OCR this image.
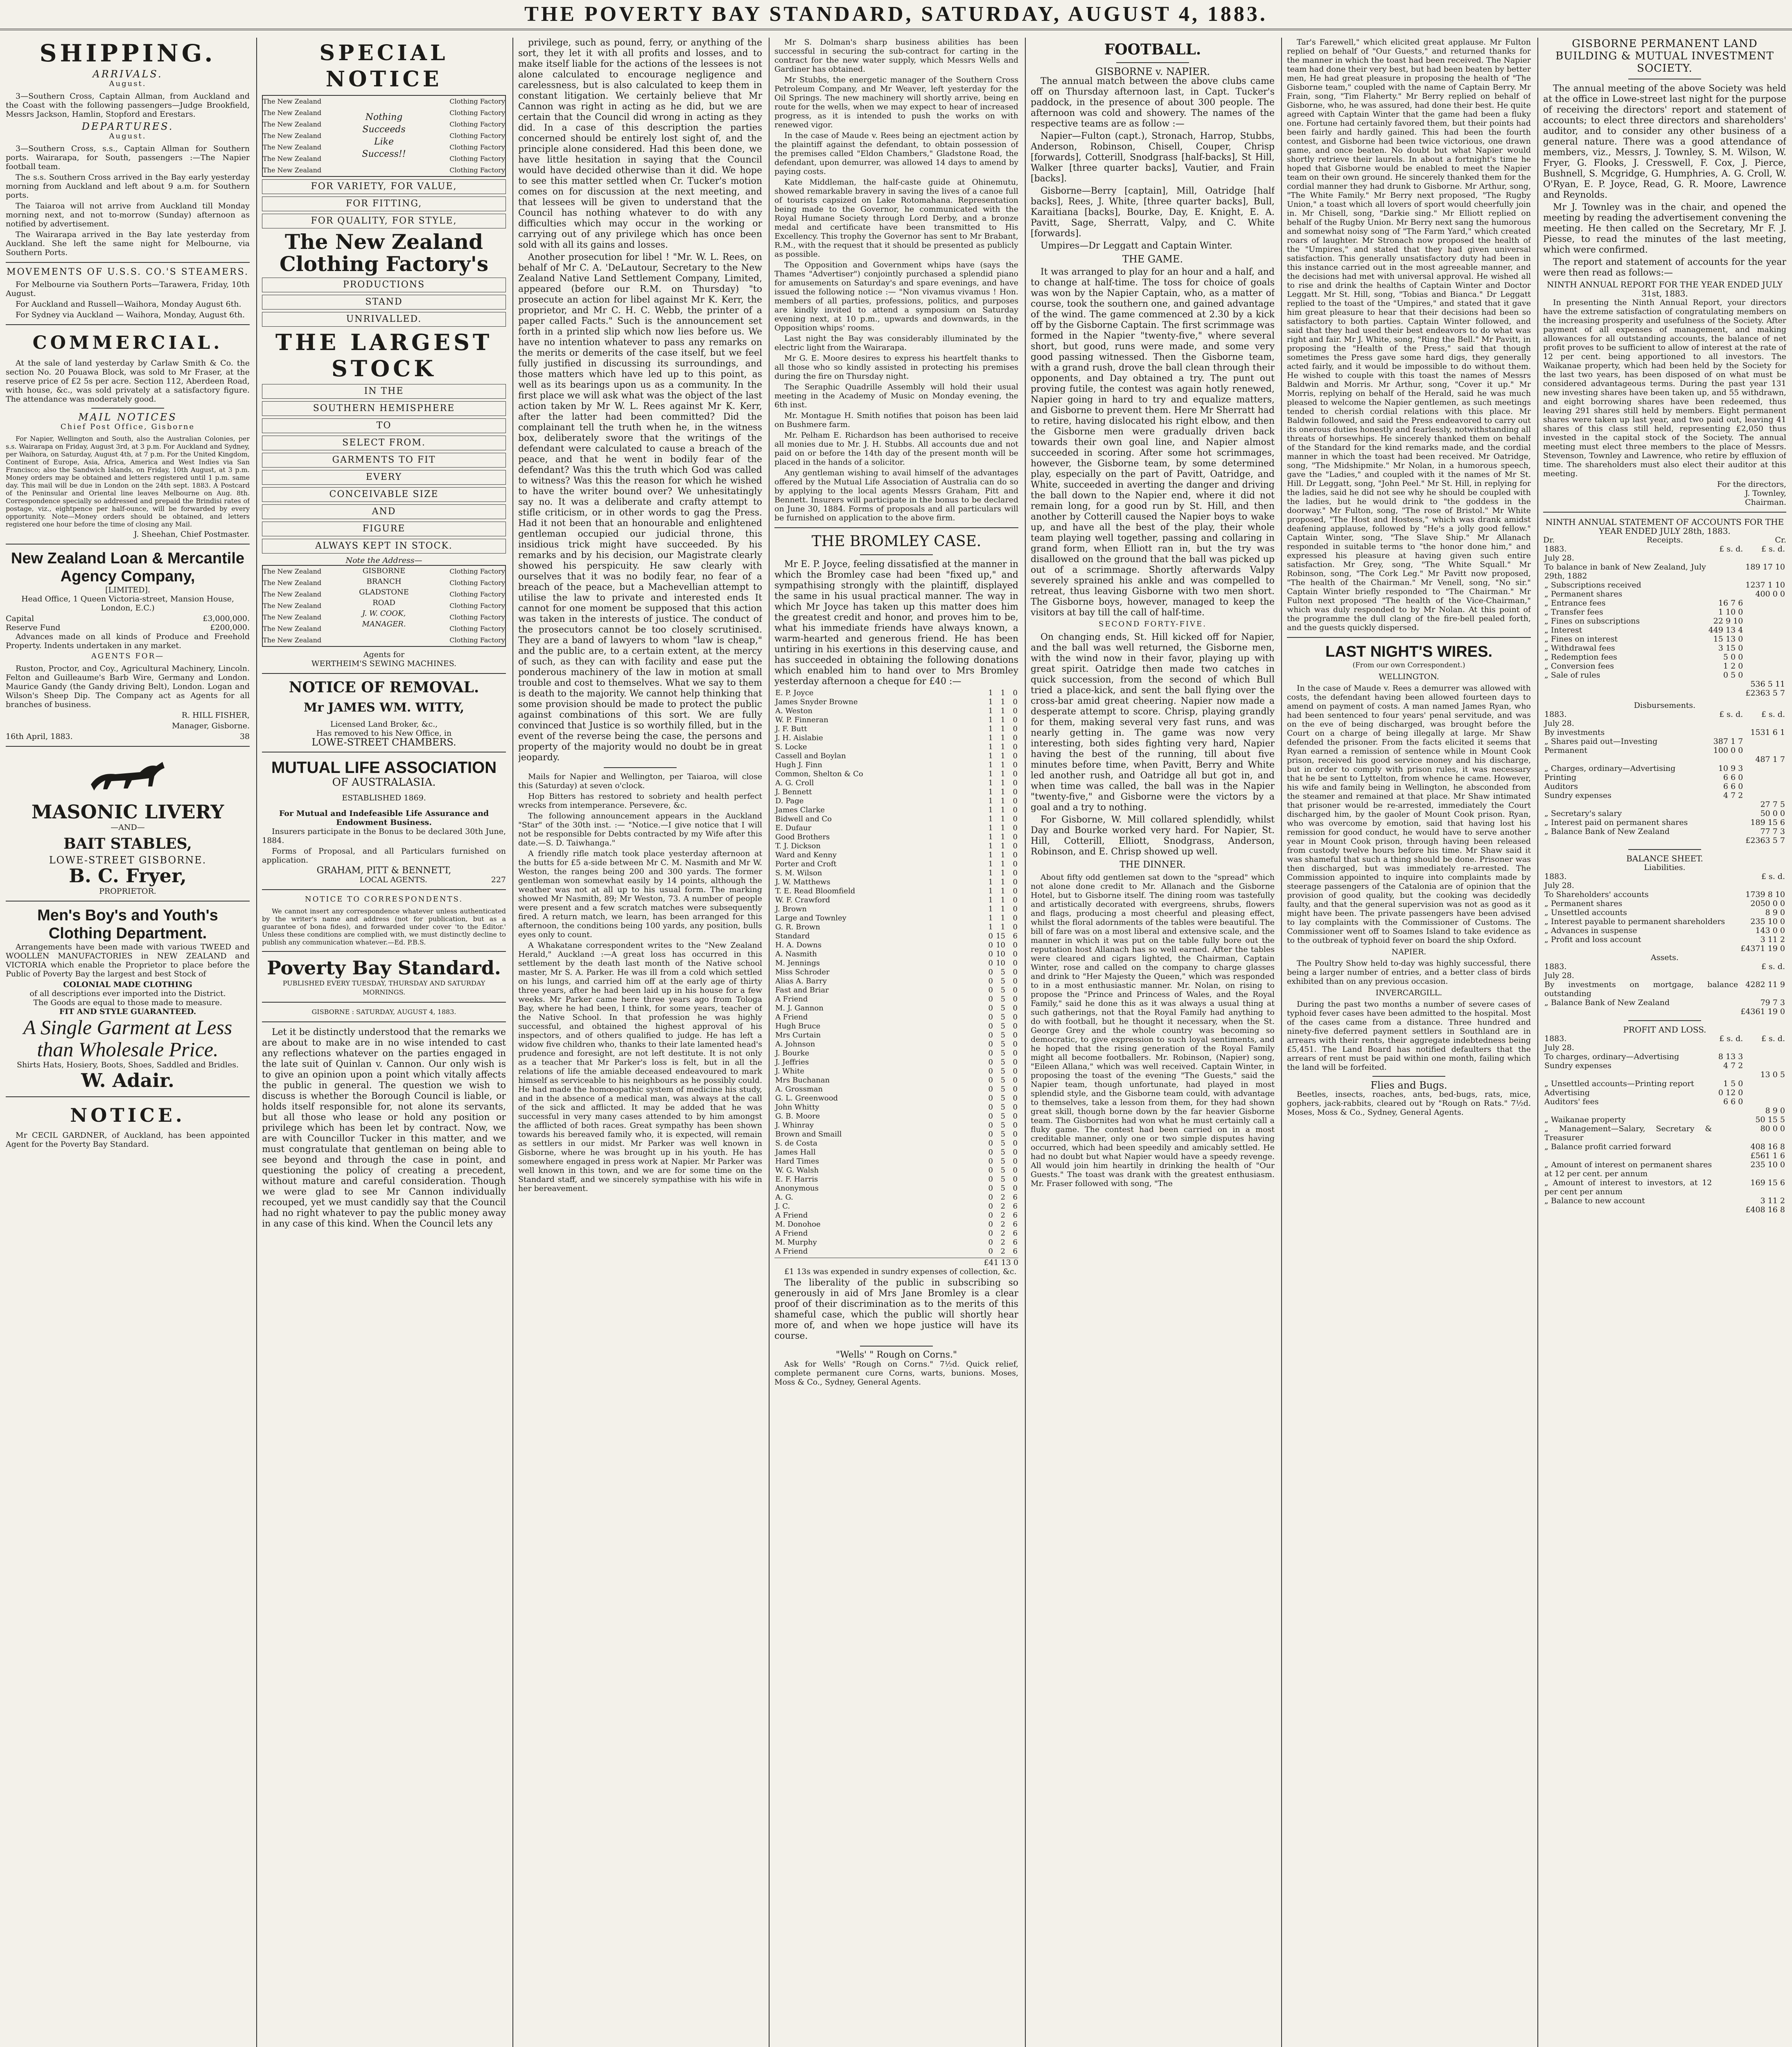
THE POVERTY BAY STANDARD, SATURDAY, AUGUST 4, 1883.
SHIPPING.
ARRIVALS.
August.

3—Southern Cross, Captain Allman, from Auckland and the Coast with the following passengers—Judge Brookfield, Messrs Jackson, Hamlin, Stopford and Erestars.

DEPARTURES.
August.

3—Southern Cross, s.s., Captain Allman for Southern ports. Wairarapa, for South, passengers :—The Napier football team.

The s.s. Southern Cross arrived in the Bay early yesterday morning from Auckland and left about 9 a.m. for Southern ports.

The Taiaroa will not arrive from Auckland till Monday morning next, and not to-morrow (Sunday) afternoon as notified by advertisement.

The Wairarapa arrived in the Bay late yesterday from Auckland. She left the same night for Melbourne, via Southern Ports.

MOVEMENTS OF U.S.S. CO.'S STEAMERS.

For Melbourne via Southern Ports—Tarawera, Friday, 10th August.

For Auckland and Russell—Waihora, Monday August 6th.

For Sydney via Auckland — Waihora, Monday, August 6th.

COMMERCIAL.

At the sale of land yesterday by Carlaw Smith & Co. the section No. 20 Pouawa Block, was sold to Mr Fraser, at the reserve price of £2 5s per acre. Section 112, Aberdeen Road, with house, &c., was sold privately at a satisfactory figure. The attendance was moderately good.

MAIL NOTICES
Chief Post Office, Gisborne

For Napier, Wellington and South, also the Australian Colonies, per s.s. Wairarapa on Friday, August 3rd, at 3 p.m. For Auckland and Sydney, per Waihora, on Saturday, August 4th, at 7 p.m. For the United Kingdom, Continent of Europe, Asia, Africa, America and West Indies via San Francisco; also the Sandwich Islands, on Friday, 10th August, at 3 p.m. Money orders may be obtained and letters registered until 1 p.m. same day. This mail will be due in London on the 24th sept. 1883. A Postcard of the Peninsular and Oriental line leaves Melbourne on Aug. 8th. Correspondence specially so addressed and prepaid the Brindisi rates of postage, viz., eightpence per half-ounce, will be forwarded by every opportunity. Note—Money orders should be obtained, and letters registered one hour before the time of closing any Mail.

J. Sheehan, Chief Postmaster.

New Zealand Loan & Mercantile Agency Company,
[LIMITED].

Head Office, 1 Queen Victoria-street, Mansion House, London, E.C.)

Capital	£3,000,000.
Reserve Fund	£200,000.

Advances made on all kinds of Produce and Freehold Property. Indents undertaken in any market.

AGENTS FOR—

Ruston, Proctor, and Coy., Agricultural Machinery, Lincoln. Felton and Guilleaume's Barb Wire, Germany and London. Maurice Gandy (the Gandy driving Belt), London. Logan and Wilson's Sheep Dip. The Company act as Agents for all branches of business.

R. HILL FISHER,

Manager, Gisborne.

16th April, 1883.	38
MASONIC LIVERY
—AND—
BAIT STABLES,
LOWE-STREET GISBORNE.
B. C. Fryer,
PROPRIETOR.
Men's Boy's and Youth's Clothing Department.

Arrangements have been made with various TWEED and WOOLLEN MANUFACTORIES in NEW ZEALAND and VICTORIA which enable the Proprietor to place before the Public of Poverty Bay the largest and best Stock of

COLONIAL MADE CLOTHING
of all descriptions ever imported into the District.
The Goods are equal to those made to measure.
FIT AND STYLE GUARANTEED.
A Single Garment at Less than Wholesale Price.
Shirts Hats, Hosiery, Boots, Shoes, Saddled and Bridles.
W. Adair.
NOTICE.

Mr CECIL GARDNER, of Auckland, has been appointed Agent for the Poverty Bay Standard.

SPECIAL NOTICE
The New Zealand
The New Zealand
The New Zealand
The New Zealand
The New Zealand
The New Zealand
The New Zealand
Nothing Succeeds Like Success!!
Clothing Factory
Clothing Factory
Clothing Factory
Clothing Factory
Clothing Factory
Clothing Factory
Clothing Factory
FOR VARIETY, FOR VALUE,
FOR FITTING,
FOR QUALITY, FOR STYLE,
The New Zealand Clothing Factory's
PRODUCTIONS
STAND
UNRIVALLED.
THE LARGEST STOCK
IN THE
SOUTHERN HEMISPHERE
TO
SELECT FROM.
GARMENTS TO FIT
EVERY
CONCEIVABLE SIZE
AND
FIGURE
ALWAYS KEPT IN STOCK.
Note the Address—
The New Zealand
The New Zealand
The New Zealand
The New Zealand
The New Zealand
The New Zealand
The New Zealand
GISBORNE BRANCH
GLADSTONE ROAD
J. W. COOK, MANAGER.
Clothing Factory
Clothing Factory
Clothing Factory
Clothing Factory
Clothing Factory
Clothing Factory
Clothing Factory
Agents for
WERTHEIM'S SEWING MACHINES.
NOTICE OF REMOVAL.
Mr JAMES WM. WITTY,
Licensed Land Broker, &c.,
Has removed to his New Office, in
LOWE-STREET CHAMBERS.
MUTUAL LIFE ASSOCIATION
OF AUSTRALASIA.
ESTABLISHED 1869.
For Mutual and Indefeasible Life Assurance and Endowment Business.

Insurers participate in the Bonus to be declared 30th June, 1884.

Forms of Proposal, and all Particulars furnished on application.

GRAHAM, PITT & BENNETT,
LOCAL AGENTS.	227
NOTICE TO CORRESPONDENTS.

We cannot insert any correspondence whatever unless authenticated by the writer's name and address (not for publication, but as a guarantee of bona fides), and forwarded under cover 'to the Editor.' Unless these conditions are complied with, we must distinctly decline to publish any communication whatever.—Ed. P.B.S.

Poverty Bay Standard.
PUBLISHED EVERY TUESDAY, THURSDAY AND SATURDAY MORNINGS.
GISBORNE : SATURDAY, AUGUST 4, 1883.

Let it be distinctly understood that the remarks we are about to make are in no wise intended to cast any reflections whatever on the parties engaged in the late suit of Quinlan v. Cannon. Our only wish is to give an opinion upon a point which vitally affects the public in general. The question we wish to discuss is whether the Borough Council is liable, or holds itself responsible for, not alone its servants, but all those who lease or hold any position or privilege which has been let by contract. Now, we are with Councillor Tucker in this matter, and we must congratulate that gentleman on being able to see beyond and through the case in point, and questioning the policy of creating a precedent, without mature and careful consideration. Though we were glad to see Mr Cannon individually recouped, yet we must candidly say that the Council had no right whatever to pay the public money away in any case of this kind. When the Council lets any

privilege, such as pound, ferry, or anything of the sort, they let it with all profits and losses, and to make itself liable for the actions of the lessees is not alone calculated to encourage negligence and carelessness, but is also calculated to keep them in constant litigation. We certainly believe that Mr Cannon was right in acting as he did, but we are certain that the Council did wrong in acting as they did. In a case of this description the parties concerned should be entirely lost sight of, and the principle alone considered. Had this been done, we have little hesitation in saying that the Council would have decided otherwise than it did. We hope to see this matter settled when Cr. Tucker's motion comes on for discussion at the next meeting, and that lessees will be given to understand that the Council has nothing whatever to do with any difficulties which may occur in the working or carrying out of any privilege which has once been sold with all its gains and losses.

Another prosecution for libel ! "Mr. W. L. Rees, on behalf of Mr C. A. 'DeLautour, Secretary to the New Zealand Native Land Settlement Company, Limited, appeared (before our R.M. on Thursday) "to prosecute an action for libel against Mr K. Kerr, the proprietor, and Mr C. H. C. Webb, the printer of a paper called Facts." Such is the announcement set forth in a printed slip which now lies before us. We have no intention whatever to pass any remarks on the merits or demerits of the case itself, but we feel fully justified in discussing its surroundings, and those matters which have led up to this point, as well as its bearings upon us as a community. In the first place we will ask what was the object of the last action taken by Mr W. L. Rees against Mr K. Kerr, after the latter had been committed? Did the complainant tell the truth when he, in the witness box, deliberately swore that the writings of the defendant were calculated to cause a breach of the peace, and that he went in bodily fear of the defendant? Was this the truth which God was called to witness? Was this the reason for which he wished to have the writer bound over? We unhesitatingly say no. It was a deliberate and crafty attempt to stifle criticism, or in other words to gag the Press. Had it not been that an honourable and enlightened gentleman occupied our judicial throne, this insidious trick might have succeeded. By his remarks and by his decision, our Magistrate clearly showed his perspicuity. He saw clearly with ourselves that it was no bodily fear, no fear of a breach of the peace, but a Machevellian attempt to utilise the law to private and interested ends It cannot for one moment be supposed that this action was taken in the interests of justice. The conduct of the prosecutors cannot be too closely scrutinised. They are a band of lawyers to whom "law is cheap," and the public are, to a certain extent, at the mercy of such, as they can with facility and ease put the ponderous machinery of the law in motion at small trouble and cost to themselves. What we say to them is death to the majority. We cannot help thinking that some provision should be made to protect the public against combinations of this sort. We are fully convinced that Justice is so worthily filled, but in the event of the reverse being the case, the persons and property of the majority would no doubt be in great jeopardy.

Mails for Napier and Wellington, per Taiaroa, will close this (Saturday) at seven o'clock.

Hop Bitters has restored to sobriety and health perfect wrecks from intemperance. Persevere, &c.

The following announcement appears in the Auckland "Star" of the 30th inst. :— "Notice.—I give notice that I will not be responsible for Debts contracted by my Wife after this date.—S. D. Taiwhanga."

A friendly rifle match took place yesterday afternoon at the butts for £5 a-side between Mr C. M. Nasmith and Mr W. Weston, the ranges being 200 and 300 yards. The former gentleman won somewhat easily by 14 points, although the weather was not at all up to his usual form. The marking showed Mr Nasmith, 89; Mr Weston, 73. A number of people were present and a few scratch matches were subsequently fired. A return match, we learn, has been arranged for this afternoon, the conditions being 100 yards, any position, bulls eyes only to count.

A Whakatane correspondent writes to the "New Zealand Herald," Auckland :—A great loss has occurred in this settlement by the death last month of the Native school master, Mr S. A. Parker. He was ill from a cold which settled on his lungs, and carried him off at the early age of thirty three years, after he had been laid up in his house for a few weeks. Mr Parker came here three years ago from Tologa Bay, where he had been, I think, for some years, teacher of the Native School. In that profession he was highly successful, and obtained the highest approval of his inspectors, and of others qualified to judge. He has left a widow five children who, thanks to their late lamented head's prudence and foresight, are not left destitute. It is not only as a teacher that Mr Parker's loss is felt, but in all the relations of life the amiable deceased endeavoured to mark himself as serviceable to his neighbours as he possibly could. He had made the homœopathic system of medicine his study, and in the absence of a medical man, was always at the call of the sick and afflicted. It may be added that he was successful in very many cases attended to by him amongst the afflicted of both races. Great sympathy has been shown towards his bereaved family who, it is expected, will remain as settlers in our midst. Mr Parker was well known in Gisborne, where he was brought up in his youth. He has somewhere engaged in press work at Napier. Mr Parker was well known in this town, and we are for some time on the Standard staff, and we sincerely sympathise with his wife in her bereavement.

Mr S. Dolman's sharp business abilities has been successful in securing the sub-contract for carting in the contract for the new water supply, which Messrs Wells and Gardiner has obtained.

Mr Stubbs, the energetic manager of the Southern Cross Petroleum Company, and Mr Weaver, left yesterday for the Oil Springs. The new machinery will shortly arrive, being en route for the wells, when we may expect to hear of increased progress, as it is intended to push the works on with renewed vigor.

In the case of Maude v. Rees being an ejectment action by the plaintiff against the defendant, to obtain possession of the premises called "Eldon Chambers," Gladstone Road, the defendant, upon demurrer, was allowed 14 days to amend by paying costs.

Kate Middleman, the half-caste guide at Ohinemutu, showed remarkable bravery in saving the lives of a canoe full of tourists capsized on Lake Rotomahana. Representation being made to the Governor, he communicated with the Royal Humane Society through Lord Derby, and a bronze medal and certificate have been transmitted to His Excellency. This trophy the Governor has sent to Mr Brabant, R.M., with the request that it should be presented as publicly as possible.

The Opposition and Government whips have (says the Thames "Advertiser") conjointly purchased a splendid piano for amusements on Saturday's and spare evenings, and have issued the following notice :— "Non vivamus vivamus ! Hon. members of all parties, professions, politics, and purposes are kindly invited to attend a symposium on Saturday evening next, at 10 p.m., upwards and downwards, in the Opposition whips' rooms.

Last night the Bay was considerably illuminated by the electric light from the Wairarapa.

Mr G. E. Moore desires to express his heartfelt thanks to all those who so kindly assisted in protecting his premises during the fire on Thursday night.

The Seraphic Quadrille Assembly will hold their usual meeting in the Academy of Music on Monday evening, the 6th inst.

Mr. Montague H. Smith notifies that poison has been laid on Bushmere farm.

Mr. Pelham E. Richardson has been authorised to receive all monies due to Mr. J. H. Stubbs. All accounts due and not paid on or before the 14th day of the present month will be placed in the hands of a solicitor.

Any gentleman wishing to avail himself of the advantages offered by the Mutual Life Association of Australia can do so by applying to the local agents Messrs Graham, Pitt and Bennett. Insurers will participate in the bonus to be declared on June 30, 1884. Forms of proposals and all particulars will be furnished on application to the above firm.

THE BROMLEY CASE.

Mr E. P. Joyce, feeling dissatisfied at the manner in which the Bromley case had been "fixed up," and sympathising strongly with the plaintiff, displayed the same in his usual practical manner. The way in which Mr Joyce has taken up this matter does him the greatest credit and honor, and proves him to be, what his immediate friends have always known, a warm-hearted and generous friend. He has been untiring in his exertions in this deserving cause, and has succeeded in obtaining the following donations which enabled him to hand over to Mrs Bromley yesterday afternoon a cheque for £40 :—

E. P. Joyce	1	1	0
James Snyder Browne	1	1	0
A. Weston	1	1	0
W. P. Finneran	1	1	0
J. F. Butt	1	1	0
J. H. Aislabie	1	1	0
S. Locke	1	1	0
Cassell and Boylan	1	1	0
Hugh J. Finn	1	1	0
Common, Shelton & Co	1	1	0
A. G. Croll	1	1	0
J. Bennett	1	1	0
D. Page	1	1	0
James Clarke	1	1	0
Bidwell and Co	1	1	0
E. Dufaur	1	1	0
Good Brothers	1	1	0
T. J. Dickson	1	1	0
Ward and Kenny	1	1	0
Porter and Croft	1	1	0
S. M. Wilson	1	1	0
J. W. Matthews	1	1	0
T. E. Read Bloomfield	1	1	0
W. F. Crawford	1	1	0
J. Brown	1	1	0
Large and Townley	1	1	0
G. R. Brown	1	1	0
Standard	0	15	6
H. A. Downs	0	10	0
A. Nasmith	0	10	0
M. Jennings	0	10	0
Miss Schroder	0	5	0
Alias A. Barry	0	5	0
Fast and Briar	0	5	0
A Friend	0	5	0
M. J. Gannon	0	5	0
A Friend	0	5	0
Hugh Bruce	0	5	0
Mrs Curtain	0	5	0
A. Johnson	0	5	0
J. Bourke	0	5	0
J. Jeffries	0	5	0
J. White	0	5	0
Mrs Buchanan	0	5	0
A. Grossman	0	5	0
G. L. Greenwood	0	5	0
John Whitty	0	5	0
G. B. Moore	0	5	0
J. Whinray	0	5	0
Brown and Smaill	0	5	0
S. de Costa	0	5	0
James Hall	0	5	0
Hard Times	0	5	0
W. G. Walsh	0	5	0
E. F. Harris	0	5	0
Anonymous	0	5	0
A. G.	0	2	6
J. C.	0	2	6
A Friend	0	2	6
M. Donohoe	0	2	6
A Friend	0	2	6
M. Murphy	0	2	6
A Friend	0	2	6
£41 13 0

£1 13s was expended in sundry expenses of collection, &c.

The liberality of the public in subscribing so generously in aid of Mrs Jane Bromley is a clear proof of their discrimination as to the merits of this shameful case, which the public will shortly hear more of, and when we hope justice will have its course.

"Wells' " Rough on Corns."

Ask for Wells' "Rough on Corns." 7½d. Quick relief, complete permanent cure Corns, warts, bunions. Moses, Moss & Co., Sydney, General Agents.

FOOTBALL.
GISBORNE v. NAPIER.

The annual match between the above clubs came off on Thursday afternoon last, in Capt. Tucker's paddock, in the presence of about 300 people. The afternoon was cold and showery. The names of the respective teams are as follow :—

Napier—Fulton (capt.), Stronach, Harrop, Stubbs, Anderson, Robinson, Chisell, Couper, Chrisp [forwards], Cotterill, Snodgrass [half-backs], St Hill, Walker [three quarter backs], Vautier, and Frain [backs].

Gisborne—Berry [captain], Mill, Oatridge [half backs], Rees, J. White, [three quarter backs], Bull, Karaitiana [backs], Bourke, Day, E. Knight, E. A. Pavitt, Sage, Sherratt, Valpy, and C. White [forwards].

Umpires—Dr Leggatt and Captain Winter.

THE GAME.

It was arranged to play for an hour and a half, and to change at half-time. The toss for choice of goals was won by the Napier Captain, who, as a matter of course, took the southern one, and gained advantage of the wind. The game commenced at 2.30 by a kick off by the Gisborne Captain. The first scrimmage was formed in the Napier "twenty-five," where several short, but good, runs were made, and some very good passing witnessed. Then the Gisborne team, with a grand rush, drove the ball clean through their opponents, and Day obtained a try. The punt out proving futile, the contest was again hotly renewed, Napier going in hard to try and equalize matters, and Gisborne to prevent them. Here Mr Sherratt had to retire, having dislocated his right elbow, and then the Gisborne men were gradually driven back towards their own goal line, and Napier almost succeeded in scoring. After some hot scrimmages, however, the Gisborne team, by some determined play, especially on the part of Pavitt, Oatridge, and White, succeeded in averting the danger and driving the ball down to the Napier end, where it did not remain long, for a good run by St. Hill, and then another by Cotterill caused the Napier boys to wake up, and have all the best of the play, their whole team playing well together, passing and collaring in grand form, when Elliott ran in, but the try was disallowed on the ground that the ball was picked up out of a scrimmage. Shortly afterwards Valpy severely sprained his ankle and was compelled to retreat, thus leaving Gisborne with two men short. The Gisborne boys, however, managed to keep the visitors at bay till the call of half-time.

SECOND FORTY-FIVE.

On changing ends, St. Hill kicked off for Napier, and the ball was well returned, the Gisborne men, with the wind now in their favor, playing up with great spirit. Oatridge then made two catches in quick succession, from the second of which Bull tried a place-kick, and sent the ball flying over the cross-bar amid great cheering. Napier now made a desperate attempt to score. Chrisp, playing grandly for them, making several very fast runs, and was nearly getting in. The game was now very interesting, both sides fighting very hard, Napier having the best of the running, till about five minutes before time, when Pavitt, Berry and White led another rush, and Oatridge all but got in, and when time was called, the ball was in the Napier "twenty-five," and Gisborne were the victors by a goal and a try to nothing.

For Gisborne, W. Mill collared splendidly, whilst Day and Bourke worked very hard. For Napier, St. Hill, Cotterill, Elliott, Snodgrass, Anderson, Robinson, and E. Chrisp showed up well.

THE DINNER.

About fifty odd gentlemen sat down to the "spread" which not alone done credit to Mr. Allanach and the Gisborne Hotel, but to Gisborne itself. The dining room was tastefully and artistically decorated with evergreens, shrubs, flowers and flags, producing a most cheerful and pleasing effect, whilst the floral adornments of the tables were beautiful. The bill of fare was on a most liberal and extensive scale, and the manner in which it was put on the table fully bore out the reputation host Allanach has so well earned. After the tables were cleared and cigars lighted, the Chairman, Captain Winter, rose and called on the company to charge glasses and drink to "Her Majesty the Queen," which was responded to in a most enthusiastic manner. Mr. Nolan, on rising to propose the "Prince and Princess of Wales, and the Royal Family," said he done this as it was always a usual thing at such gatherings, not that the Royal Family had anything to do with football, but he thought it necessary, when the St. George Grey and the whole country was becoming so democratic, to give expression to such loyal sentiments, and he hoped that the rising generation of the Royal Family might all become footballers. Mr. Robinson, (Napier) song, "Eileen Allana," which was well received. Captain Winter, in proposing the toast of the evening "The Guests," said the Napier team, though unfortunate, had played in most splendid style, and the Gisborne team could, with advantage to themselves, take a lesson from them, for they had shown great skill, though borne down by the far heavier Gisborne team. The Gisbornites had won what he must certainly call a fluky game. The contest had been carried on in a most creditable manner, only one or two simple disputes having occurred, which had been speedily and amicably settled. He had no doubt but what Napier would have a speedy revenge. All would join him heartily in drinking the health of "Our Guests." The toast was drank with the greatest enthusiasm. Mr. Fraser followed with song, "The

Tar's Farewell," which elicited great applause. Mr Fulton replied on behalf of "Our Guests," and returned thanks for the manner in which the toast had been received. The Napier team had done their very best, but had been beaten by better men, He had great pleasure in proposing the health of "The Gisborne team," coupled with the name of Captain Berry. Mr Frain, song, "Tim Flaherty." Mr Berry replied on behalf of Gisborne, who, he was assured, had done their best. He quite agreed with Captain Winter that the game had been a fluky one. Fortune had certainly favored them, but their points had been fairly and hardly gained. This had been the fourth contest, and Gisborne had been twice victorious, one drawn game, and once beaten. No doubt but what Napier would shortly retrieve their laurels. In about a fortnight's time he hoped that Gisborne would be enabled to meet the Napier team on their own ground. He sincerely thanked them for the cordial manner they had drunk to Gisborne. Mr Arthur, song, "The White Family." Mr Berry next proposed, "The Rugby Union," a toast which all lovers of sport would cheerfully join in. Mr Chisell, song, "Darkie sing." Mr Elliott replied on behalf of the Rugby Union. Mr Berry next sang the humorous and somewhat noisy song of "The Farm Yard," which created roars of laughter. Mr Stronach now proposed the health of the "Umpires," and stated that they had given universal satisfaction. This generally unsatisfactory duty had been in this instance carried out in the most agreeable manner, and the decisions had met with universal approval. He wished all to rise and drink the healths of Captain Winter and Doctor Leggatt. Mr St. Hill, song, "Tobias and Bianca." Dr Leggatt replied to the toast of the "Umpires," and stated that it gave him great pleasure to hear that their decisions had been so satisfactory to both parties. Captain Winter followed, and said that they had used their best endeavors to do what was right and fair. Mr J. White, song, "Ring the Bell." Mr Pavitt, in proposing the "Health of the Press," said that though sometimes the Press gave some hard digs, they generally acted fairly, and it would be impossible to do without them. He wished to couple with this toast the names of Messrs Baldwin and Morris. Mr Arthur, song, "Cover it up." Mr Morris, replying on behalf of the Herald, said he was much pleased to welcome the Napier gentlemen, as such meetings tended to cherish cordial relations with this place. Mr Baldwin followed, and said the Press endeavored to carry out its onerous duties honestly and fearlessly, notwithstanding all threats of horsewhips. He sincerely thanked them on behalf of the Standard for the kind remarks made, and the cordial manner in which the toast had been received. Mr Oatridge, song, "The Midshipmite." Mr Nolan, in a humorous speech, gave the "Ladies," and coupled with it the names of Mr St. Hill. Dr Leggatt, song, "John Peel." Mr St. Hill, in replying for the ladies, said he did not see why he should be coupled with the ladies, but he would drink to "the goddess in the doorway." Mr Fulton, song, "The rose of Bristol." Mr White proposed, "The Host and Hostess," which was drank amidst deafening applause, followed by "He's a jolly good fellow." Captain Winter, song, "The Slave Ship." Mr Allanach responded in suitable terms to "the honor done him," and expressed his pleasure at having given such entire satisfaction. Mr Grey, song, "The White Squall." Mr Robinson, song, "The Cork Leg." Mr Pavitt now proposed, "The health of the Chairman." Mr Venell, song, "No sir." Captain Winter briefly responded to "The Chairman." Mr Fulton next proposed "The health of the Vice-Chairman," which was duly responded to by Mr Nolan. At this point of the programme the dull clang of the fire-bell pealed forth, and the guests quickly dispersed.

LAST NIGHT'S WIRES.
(From our own Correspondent.)
WELLINGTON.

In the case of Maude v. Rees a demurrer was allowed with costs, the defendant having been allowed fourteen days to amend on payment of costs. A man named James Ryan, who had been sentenced to four years' penal servitude, and was on the eve of being discharged, was brought before the Court on a charge of being illegally at large. Mr Shaw defended the prisoner. From the facts elicited it seems that Ryan earned a remission of sentence while in Mount Cook prison, received his good service money and his discharge, but in order to comply with prison rules, it was necessary that he be sent to Lyttelton, from whence he came. However, his wife and family being in Wellington, he absconded from the steamer and remained at that place. Mr Shaw intimated that prisoner would be re-arrested, immediately the Court discharged him, by the gaoler of Mount Cook prison. Ryan, who was overcome by emotion, said that having lost his remission for good conduct, he would have to serve another year in Mount Cook prison, through having been released from custody twelve hours before his time. Mr Shaw said it was shameful that such a thing should be done. Prisoner was then discharged, but was immediately re-arrested. The Commission appointed to inquire into complaints made by steerage passengers of the Catalonia are of opinion that the provision of good quality, but the cooking was decidedly faulty, and that the general supervision was not as good as it might have been. The private passengers have been advised to lay complaints with the Commissioner of Customs. The Commissioner went off to Soames Island to take evidence as to the outbreak of typhoid fever on board the ship Oxford.

NAPIER.

The Poultry Show held to-day was highly successful, there being a larger number of entries, and a better class of birds exhibited than on any previous occasion.

INVERCARGILL.

During the past two months a number of severe cases of typhoid fever cases have been admitted to the hospital. Most of the cases came from a distance. Three hundred and ninety-five deferred payment settlers in Southland are in arrears with their rents, their aggregate indebtedness being £5,451. The Land Board has notified defaulters that the arrears of rent must be paid within one month, failing which the land will be forfeited.

Flies and Bugs.

Beetles, insects, roaches, ants, bed-bugs, rats, mice, gophers, jack-rabbits, cleared out by "Rough on Rats." 7½d. Moses, Moss & Co., Sydney, General Agents.

GISBORNE PERMANENT LAND BUILDING & MUTUAL INVESTMENT SOCIETY.

The annual meeting of the above Society was held at the office in Lowe-street last night for the purpose of receiving the directors' report and statement of accounts; to elect three directors and shareholders' auditor, and to consider any other business of a general nature. There was a good attendance of members, viz., Messrs, J. Townley, S. M. Wilson, W. Fryer, G. Flooks, J. Cresswell, F. Cox, J. Pierce, Bushnell, S. Mcgridge, G. Humphries, A. G. Croll, W. O'Ryan, E. P. Joyce, Read, G. R. Moore, Lawrence and Reynolds.

Mr J. Townley was in the chair, and opened the meeting by reading the advertisement convening the meeting. He then called on the Secretary, Mr F. J. Piesse, to read the minutes of the last meeting, which were confirmed.

The report and statement of accounts for the year were then read as follows:—

NINTH ANNUAL REPORT FOR THE YEAR ENDED JULY 31st, 1883.

In presenting the Ninth Annual Report, your directors have the extreme satisfaction of congratulating members on the increasing prosperity and usefulness of the Society. After payment of all expenses of management, and making allowances for all outstanding accounts, the balance of net profit proves to be sufficient to allow of interest at the rate of 12 per cent. being apportioned to all investors. The Waikanae property, which had been held by the Society for the last two years, has been disposed of on what must be considered advantageous terms. During the past year 131 new investing shares have been taken up, and 55 withdrawn, and eight borrowing shares have been redeemed, thus leaving 291 shares still held by members. Eight permanent shares were taken up last year, and two paid out, leaving 41 shares of this class still held, representing £2,050 thus invested in the capital stock of the Society. The annual meeting must elect three members to the place of Messrs. Stevenson, Townley and Lawrence, who retire by effluxion of time. The shareholders must also elect their auditor at this meeting.

For the directors,
J. Townley,
Chairman.
NINTH ANNUAL STATEMENT OF ACCOUNTS FOR THE YEAR ENDED JULY 28th, 1883.
Dr.	Receipts.	Cr.
1883.	£ s. d.	£ s. d.
July 28.		
To balance in bank of New Zealand, July 29th, 1882		189 17 10
„ Subscriptions received		1237 1 10
„ Permanent shares		400 0 0
„ Entrance fees	16 7 6	
„ Transfer fees	1 10 0	
„ Fines on subscriptions	22 9 10	
„ Interest	449 13 4	
„ Fines on interest	15 13 0	
„ Withdrawal fees	3 15 0	
„ Redemption fees	5 0 0	
„ Conversion fees	1 2 0	
„ Sale of rules	0 5 0	
		536 5 11
		£2363 5 7
Disbursements.
1883.	£ s. d.	£ s. d.
July 28.		
By investments		1531 6 1
„ Shares paid out—Investing	387 1 7	
Permanent	100 0 0	
		487 1 7
„ Charges, ordinary—Advertising	10 9 3	
Printing	6 6 0	
Auditors	6 6 0	
Sundry expenses	4 7 2	
		27 7 5
„ Secretary's salary		50 0 0
„ Interest paid on permanent shares		189 15 6
„ Balance Bank of New Zealand		77 7 3
		£2363 5 7
BALANCE SHEET.
Liabilities.
1883.	£ s. d.
July 28.	
To Shareholders' accounts	1739 8 10
„ Permanent shares	2050 0 0
„ Unsettled accounts	8 9 0
„ Interest payable to permanent shareholders	235 10 0
„ Advances in suspense	143 0 0
„ Profit and loss account	3 11 2
	£4371 19 0
Assets.
1883.	£ s. d.
July 28.	
By investments on mortgage, balance outstanding	4282 11 9
„ Balance Bank of New Zealand	79 7 3
	£4361 19 0
PROFIT AND LOSS.
1883.	£ s. d.	£ s. d.
July 28.		
To charges, ordinary—Advertising	8 13 3	
Sundry expenses	4 7 2	
		13 0 5
„ Unsettled accounts—Printing report	1 5 0	
Advertising	0 12 0	
Auditors' fees	6 6 0	
		8 9 0
„ Waikanae property		50 15 5
„ Management—Salary, Secretary & Treasurer		80 0 0
„ Balance profit carried forward		408 16 8
		£561 1 6
„ Amount of interest on permanent shares at 12 per cent. per annum		235 10 0
„ Amount of interest to investors, at 12 per cent per annum		169 15 6
„ Balance to new account		3 11 2
		£408 16 8
